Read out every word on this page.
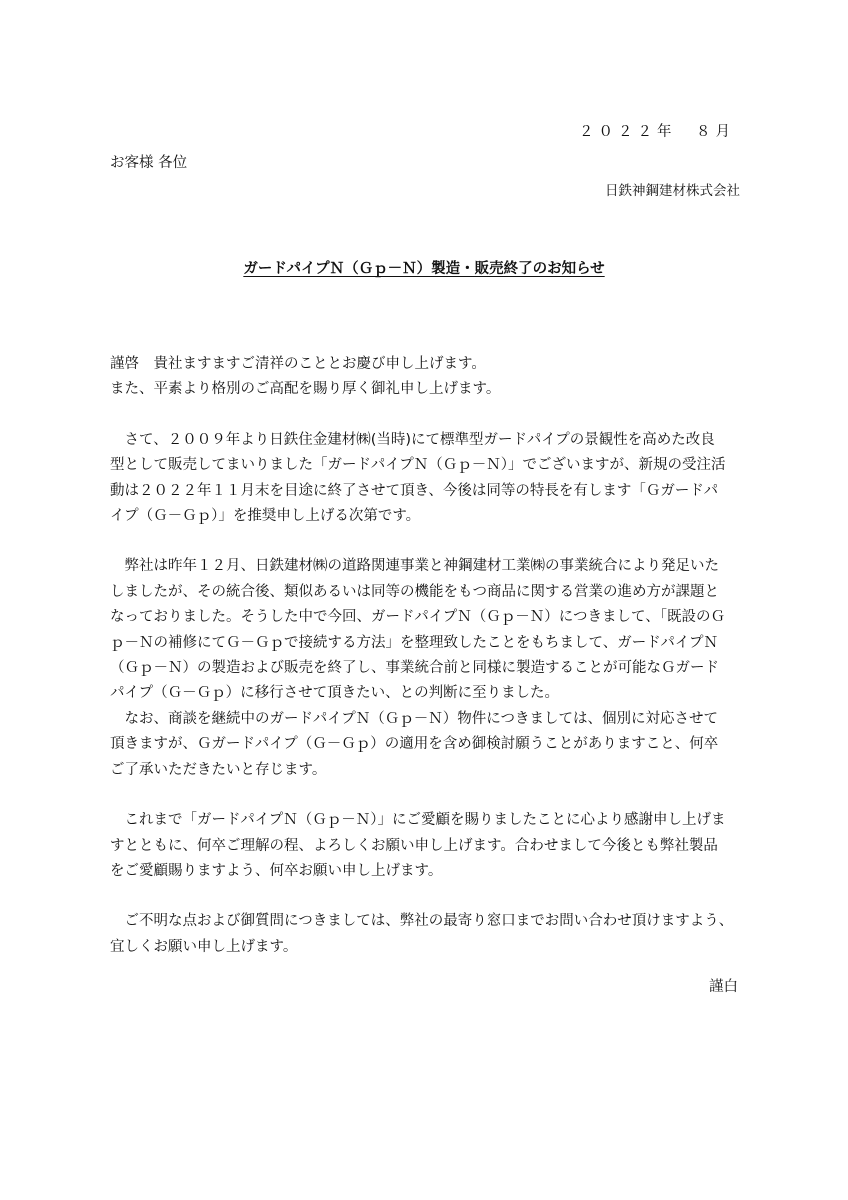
２０２２年　８月
お客様 各位
日鉄神鋼建材株式会社
ガードパイプＮ（Ｇｐ－Ｎ）製造・販売終了のお知らせ

謹啓　貴社ますますご清祥のこととお慶び申し上げます。

また、平素より格別のご高配を賜り厚く御礼申し上げます。

　さて、２００９年より日鉄住金建材㈱(当時)にて標準型ガードパイプの景観性を高めた改良

型として販売してまいりました「ガードパイプＮ（Ｇｐ－Ｎ）」でございますが、新規の受注活

動は２０２２年１１月末を目途に終了させて頂き、今後は同等の特長を有します「Ｇガードパ

イプ（Ｇ－Ｇｐ）」を推奨申し上げる次第です。

　弊社は昨年１２月、日鉄建材㈱の道路関連事業と神鋼建材工業㈱の事業統合により発足いた

しましたが、その統合後、類似あるいは同等の機能をもつ商品に関する営業の進め方が課題と

なっておりました。そうした中で今回、ガードパイプＮ（Ｇｐ－Ｎ）につきまして、「既設のＧ

ｐ－Ｎの補修にてＧ－Ｇｐで接続する方法」を整理致したことをもちまして、ガードパイプＮ

（Ｇｐ－Ｎ）の製造および販売を終了し、事業統合前と同様に製造することが可能なＧガード

パイプ（Ｇ－Ｇｐ）に移行させて頂きたい、との判断に至りました。

　なお、商談を継続中のガードパイプＮ（Ｇｐ－Ｎ）物件につきましては、個別に対応させて

頂きますが、Ｇガードパイプ（Ｇ－Ｇｐ）の適用を含め御検討願うことがありますこと、何卒

ご了承いただきたいと存じます。

　これまで「ガードパイプＮ（Ｇｐ－Ｎ）」にご愛顧を賜りましたことに心より感謝申し上げま

すとともに、何卒ご理解の程、よろしくお願い申し上げます。合わせまして今後とも弊社製品

をご愛顧賜りますよう、何卒お願い申し上げます。

　ご不明な点および御質問につきましては、弊社の最寄り窓口までお問い合わせ頂けますよう、

宜しくお願い申し上げます。

謹白
